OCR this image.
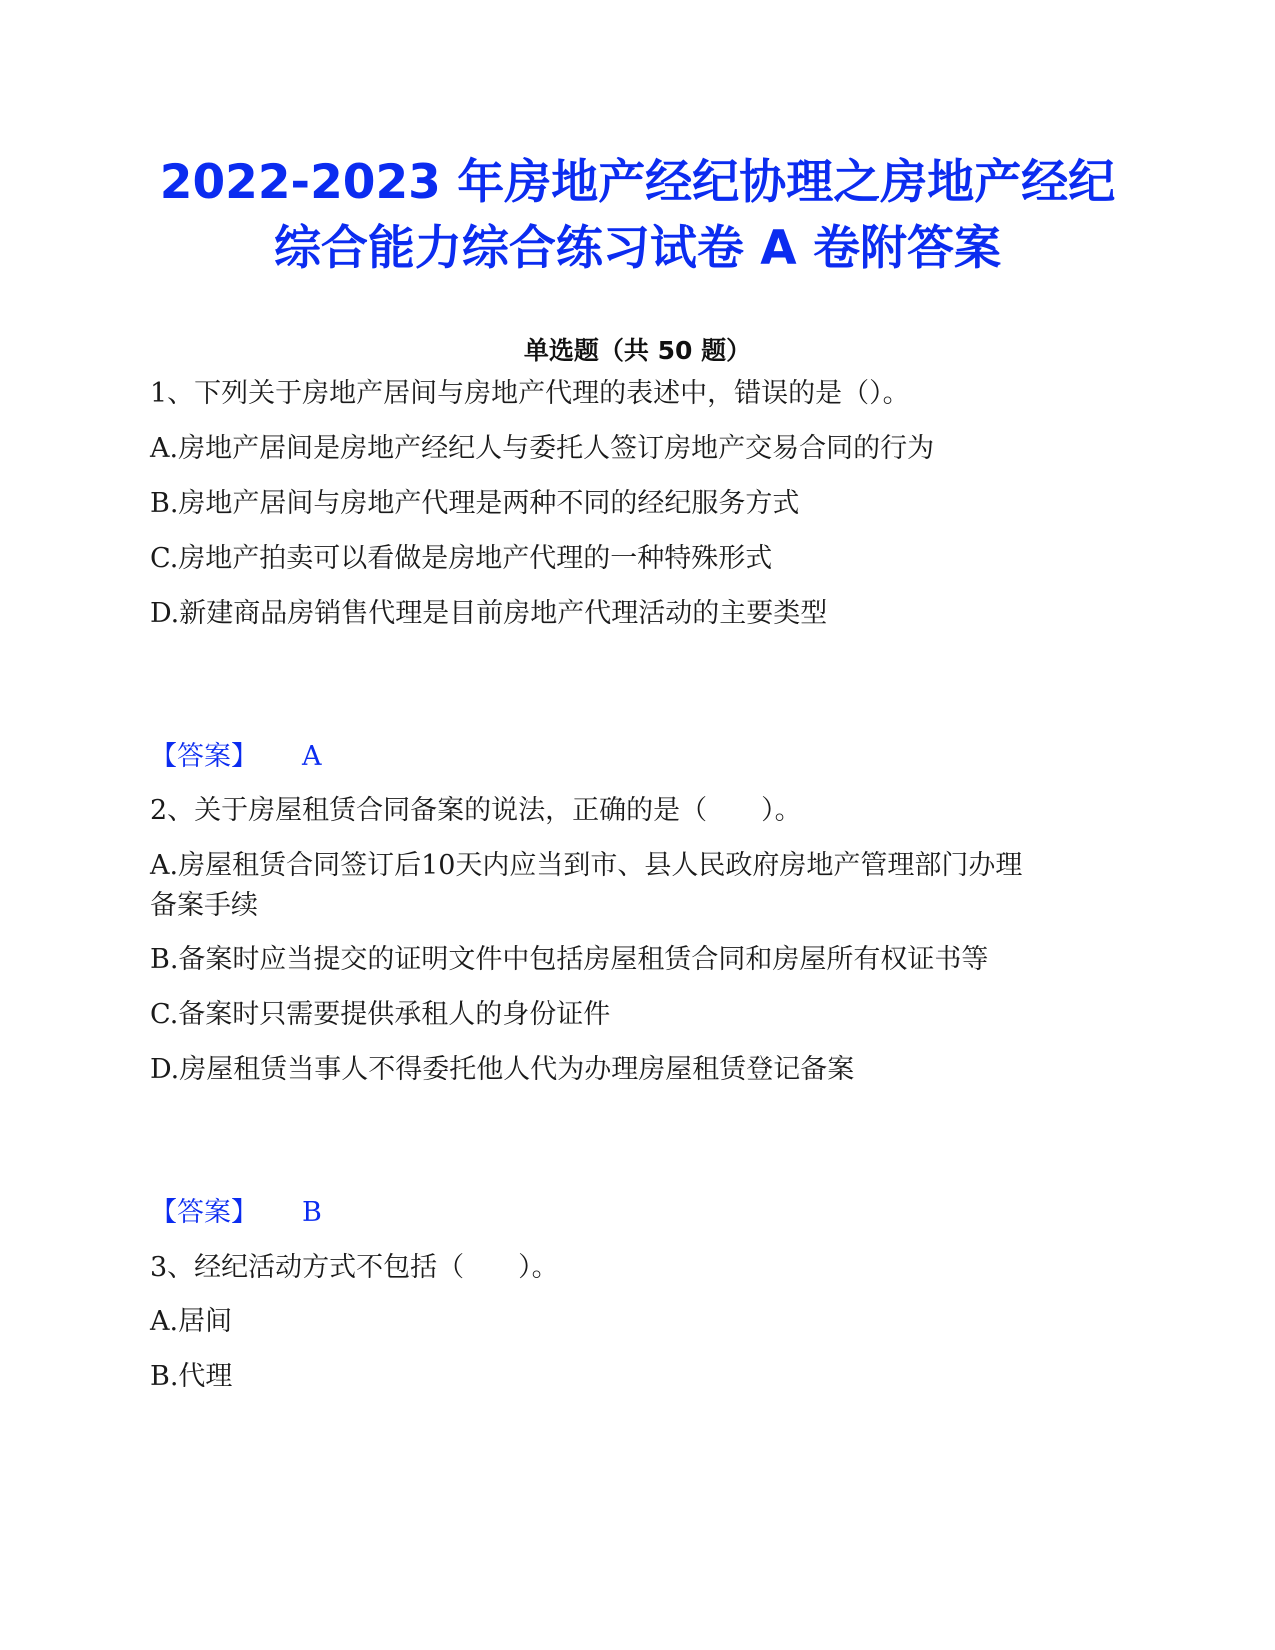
2022-2023 年房地产经纪协理之房地产经纪
综合能力综合练习试卷 A 卷附答案
单选题（共 50 题）
1、下列关于房地产居间与房地产代理的表述中，错误的是（）。
A.房地产居间是房地产经纪人与委托人签订房地产交易合同的行为
B.房地产居间与房地产代理是两种不同的经纪服务方式
C.房地产拍卖可以看做是房地产代理的一种特殊形式
D.新建商品房销售代理是目前房地产代理活动的主要类型
【答案】 A
2、关于房屋租赁合同备案的说法，正确的是（　　）。
A.房屋租赁合同签订后10天内应当到市、县人民政府房地产管理部门办理
备案手续
B.备案时应当提交的证明文件中包括房屋租赁合同和房屋所有权证书等
C.备案时只需要提供承租人的身份证件
D.房屋租赁当事人不得委托他人代为办理房屋租赁登记备案
【答案】 B
3、经纪活动方式不包括（　　）。
A.居间
B.代理
